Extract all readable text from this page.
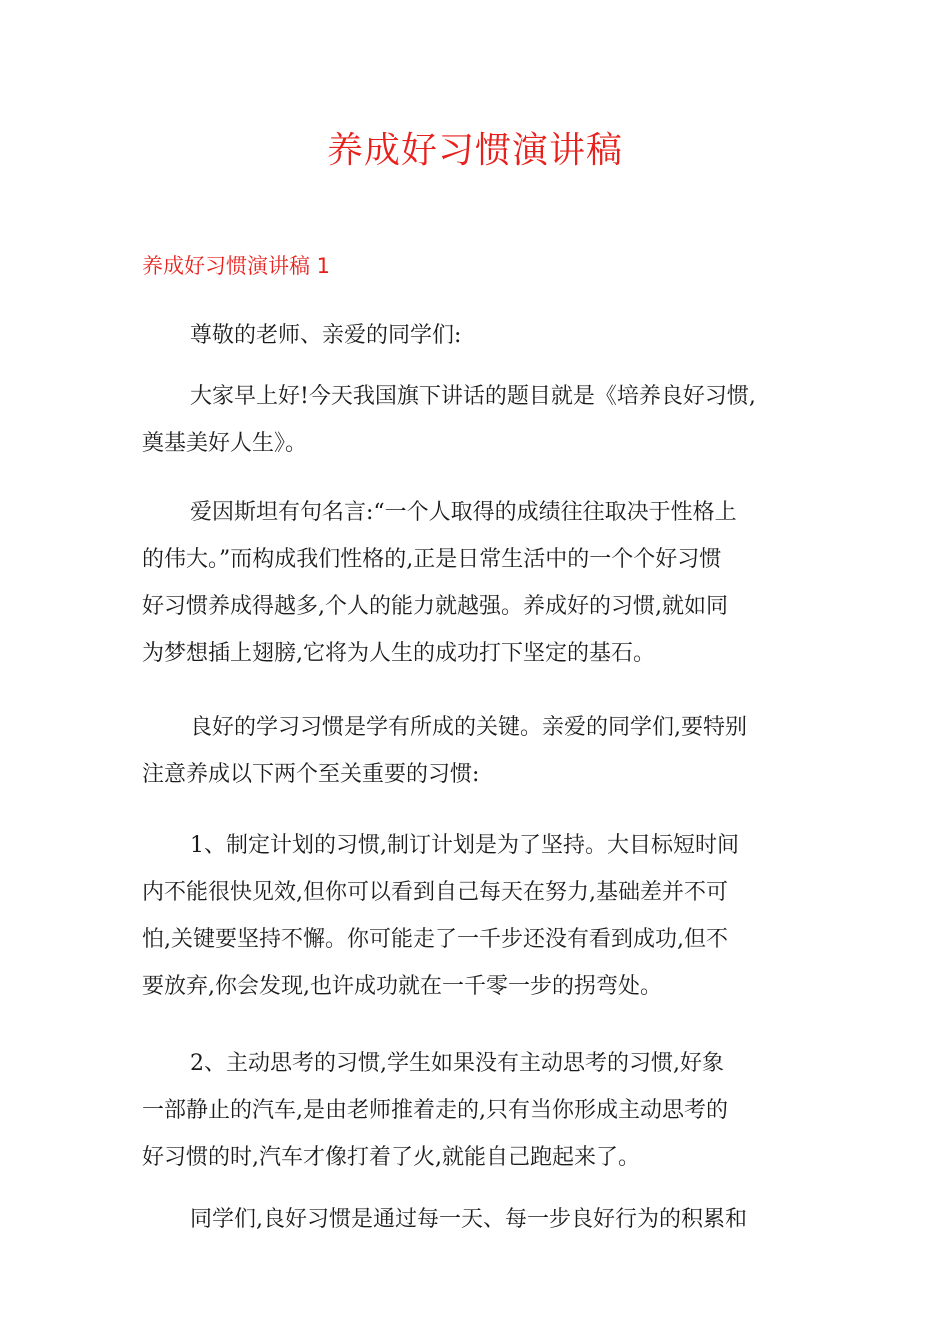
养成好习惯演讲稿
养成好习惯演讲稿 1

尊敬的老师、亲爱的同学们:

大家早上好!今天我国旗下讲话的题目就是《培养良好习惯,
奠基美好人生》。

爱因斯坦有句名言:“一个人取得的成绩往往取决于性格上
的伟大。”而构成我们性格的,正是日常生活中的一个个好习惯
好习惯养成得越多,个人的能力就越强。养成好的习惯,就如同
为梦想插上翅膀,它将为人生的成功打下坚定的基石。

良好的学习习惯是学有所成的关键。亲爱的同学们,要特别
注意养成以下两个至关重要的习惯:

1、制定计划的习惯,制订计划是为了坚持。大目标短时间
内不能很快见效,但你可以看到自己每天在努力,基础差并不可
怕,关键要坚持不懈。你可能走了一千步还没有看到成功,但不
要放弃,你会发现,也许成功就在一千零一步的拐弯处。

2、主动思考的习惯,学生如果没有主动思考的习惯,好象
一部静止的汽车,是由老师推着走的,只有当你形成主动思考的
好习惯的时,汽车才像打着了火,就能自己跑起来了。

同学们,良好习惯是通过每一天、每一步良好行为的积累和
